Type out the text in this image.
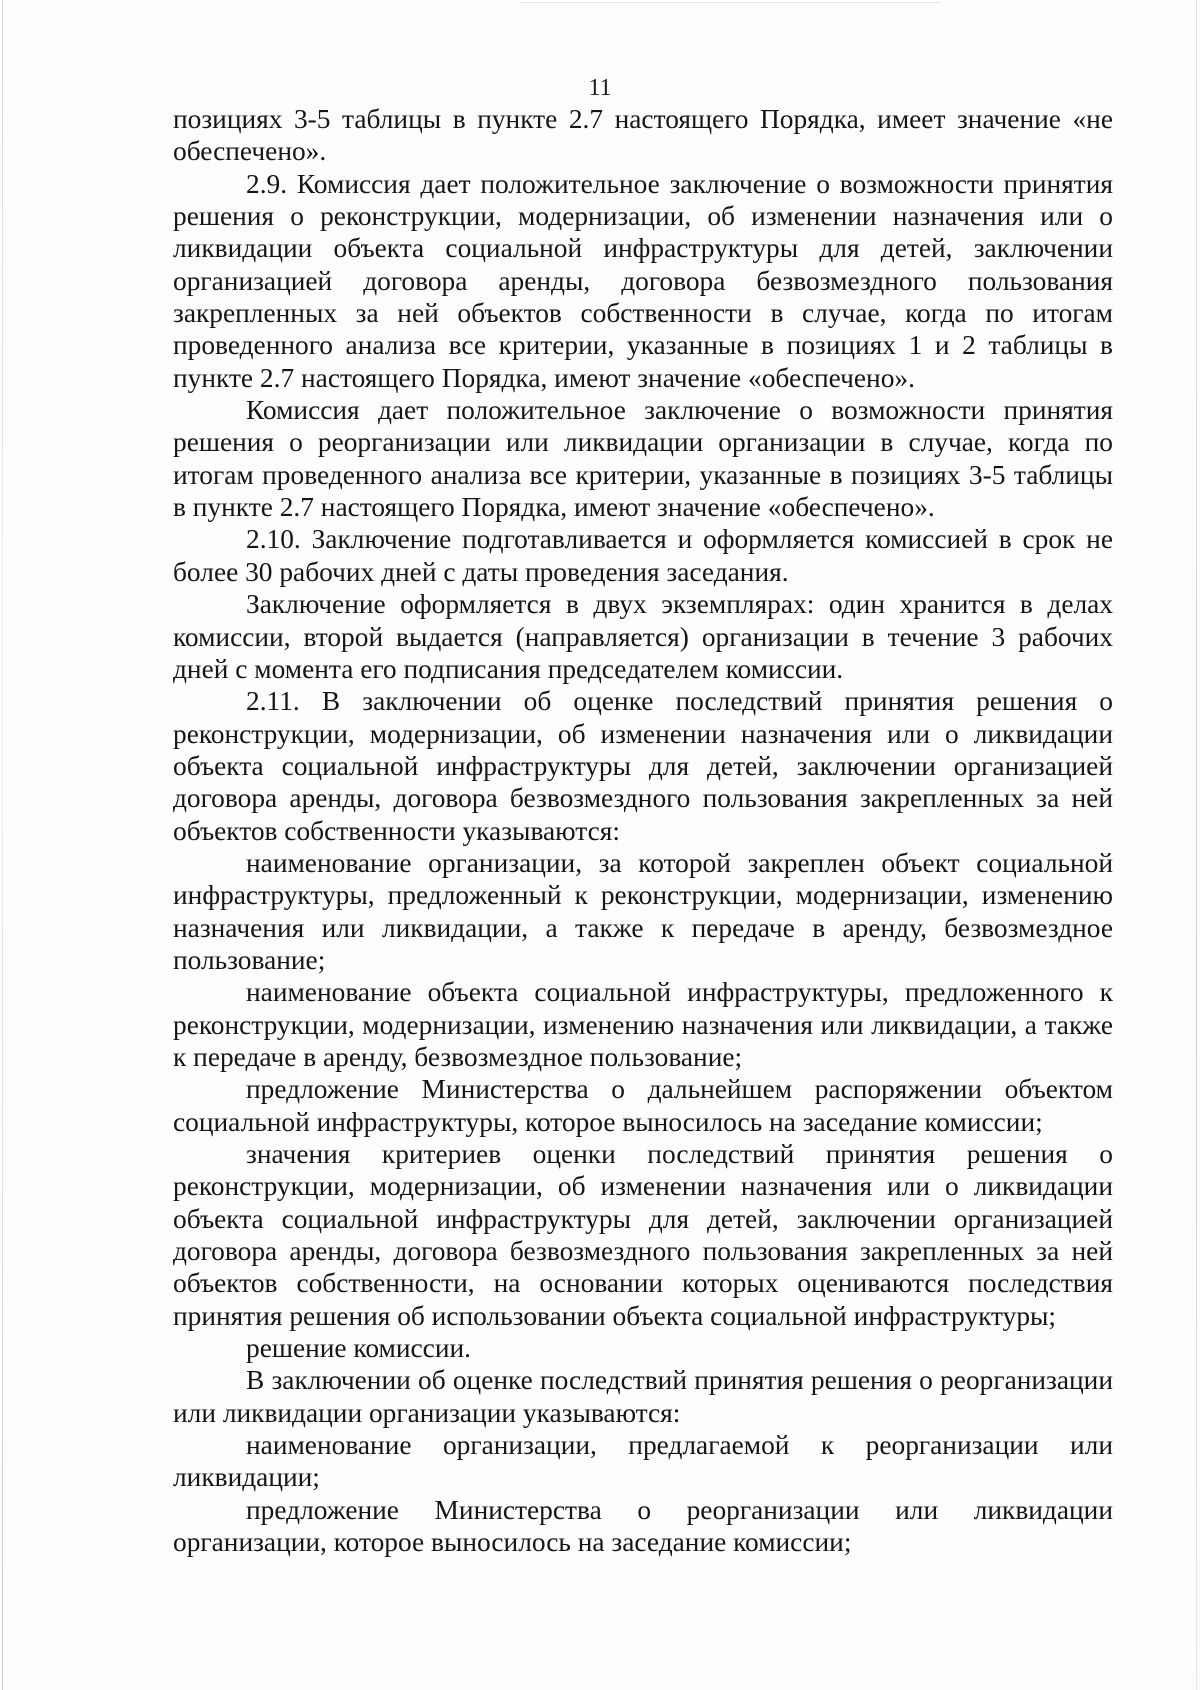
11

позициях 3-5 таблицы в пункте 2.7 настоящего Порядка, имеет значение «не обеспечено».

2.9. Комиссия дает положительное заключение о возможности принятия решения о реконструкции, модернизации, об изменении назначения или о ликвидации объекта социальной инфраструктуры для детей, заключении организацией договора аренды, договора безвозмездного пользования закрепленных за ней объектов собственности в случае, когда по итогам проведенного анализа все критерии, указанные в позициях 1 и 2 таблицы в пункте 2.7 настоящего Порядка, имеют значение «обеспечено».

Комиссия дает положительное заключение о возможности принятия решения о реорганизации или ликвидации организации в случае, когда по итогам проведенного анализа все критерии, указанные в позициях 3-5 таблицы в пункте 2.7 настоящего Порядка, имеют значение «обеспечено».

2.10. Заключение подготавливается и оформляется комиссией в срок не более 30 рабочих дней с даты проведения заседания.

Заключение оформляется в двух экземплярах: один хранится в делах комиссии, второй выдается (направляется) организации в течение 3 рабочих дней с момента его подписания председателем комиссии.

2.11. В заключении об оценке последствий принятия решения о реконструкции, модернизации, об изменении назначения или о ликвидации объекта социальной инфраструктуры для детей, заключении организацией договора аренды, договора безвозмездного пользования закрепленных за ней объектов собственности указываются:

наименование организации, за которой закреплен объект социальной инфраструктуры, предложенный к реконструкции, модернизации, изменению назначения или ликвидации, а также к передаче в аренду, безвозмездное пользование;

наименование объекта социальной инфраструктуры, предложенного к реконструкции, модернизации, изменению назначения или ликвидации, а также к передаче в аренду, безвозмездное пользование;

предложение Министерства о дальнейшем распоряжении объектом социальной инфраструктуры, которое выносилось на заседание комиссии;

значения критериев оценки последствий принятия решения о реконструкции, модернизации, об изменении назначения или о ликвидации объекта социальной инфраструктуры для детей, заключении организацией договора аренды, договора безвозмездного пользования закрепленных за ней объектов собственности, на основании которых оцениваются последствия принятия решения об использовании объекта социальной инфраструктуры;

решение комиссии.

В заключении об оценке последствий принятия решения о реорганизации или ликвидации организации указываются:

наименование организации, предлагаемой к реорганизации или ликвидации;

предложение Министерства о реорганизации или ликвидации организации, которое выносилось на заседание комиссии;
